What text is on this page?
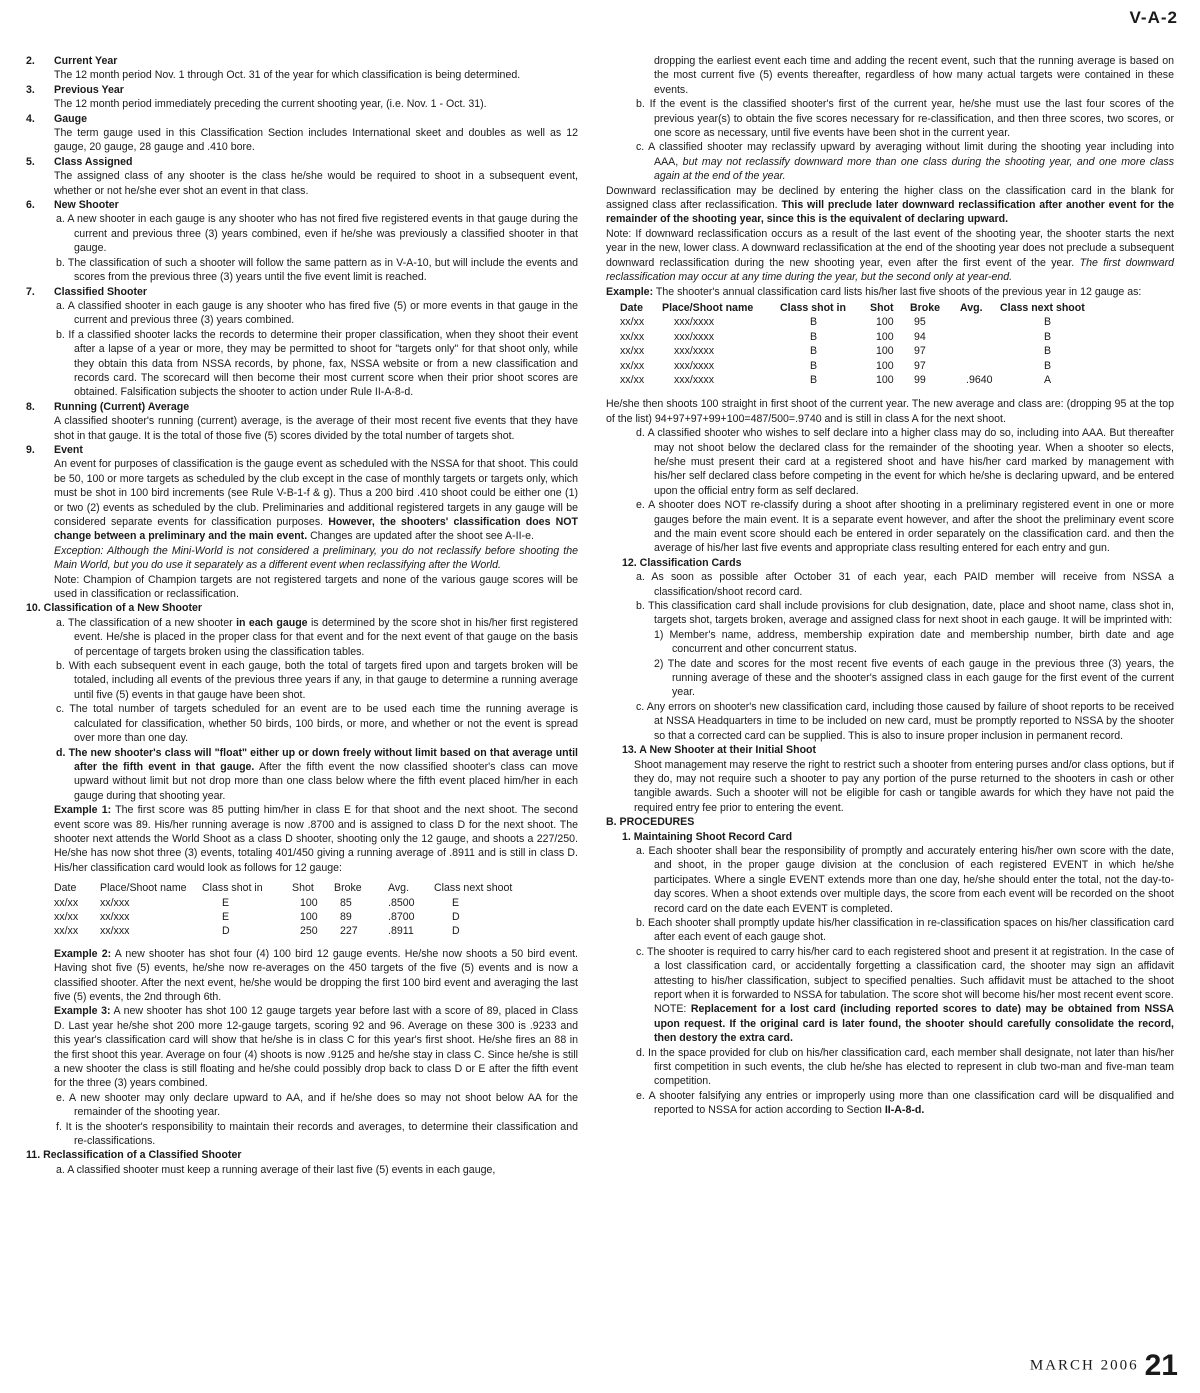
V-A-2

2. Current Year

The 12 month period Nov. 1 through Oct. 31 of the year for which classification is being determined.

3. Previous Year

The 12 month period immediately preceding the current shooting year, (i.e. Nov. 1 - Oct. 31).

4. Gauge

The term gauge used in this Classification Section includes International skeet and doubles as well as 12 gauge, 20 gauge, 28 gauge and .410 bore.

5. Class Assigned

The assigned class of any shooter is the class he/she would be required to shoot in a subsequent event, whether or not he/she ever shot an event in that class.

6. New Shooter

a. A new shooter in each gauge is any shooter who has not fired five registered events in that gauge during the current and previous three (3) years combined, even if he/she was previously a classified shooter in that gauge.

b. The classification of such a shooter will follow the same pattern as in V-A-10, but will include the events and scores from the previous three (3) years until the five event limit is reached.

7. Classified Shooter

a. A classified shooter in each gauge is any shooter who has fired five (5) or more events in that gauge in the current and previous three (3) years combined.

b. If a classified shooter lacks the records to determine their proper classification, when they shoot their event after a lapse of a year or more, they may be permitted to shoot for "targets only" for that shoot only, while they obtain this data from NSSA records, by phone, fax, NSSA website or from a new classification and records card. The scorecard will then become their most current score when their prior shoot scores are obtained. Falsification subjects the shooter to action under Rule II-A-8-d.

8. Running (Current) Average

A classified shooter's running (current) average, is the average of their most recent five events that they have shot in that gauge. It is the total of those five (5) scores divided by the total number of targets shot.

9. Event

An event for purposes of classification is the gauge event as scheduled with the NSSA for that shoot. This could be 50, 100 or more targets as scheduled by the club except in the case of monthly targets or targets only, which must be shot in 100 bird increments (see Rule V-B-1-f & g). Thus a 200 bird .410 shoot could be either one (1) or two (2) events as scheduled by the club. Preliminaries and additional registered targets in any gauge will be considered separate events for classification purposes. However, the shooters' classification does NOT change between a preliminary and the main event. Changes are updated after the shoot see A-II-e.

Exception: Although the Mini-World is not considered a preliminary, you do not reclassify before shooting the Main World, but you do use it separately as a different event when reclassifying after the World.

Note: Champion of Champion targets are not registered targets and none of the various gauge scores will be used in classification or reclassification.

10. Classification of a New Shooter

a. The classification of a new shooter in each gauge is determined by the score shot in his/her first registered event. He/she is placed in the proper class for that event and for the next event of that gauge on the basis of percentage of targets broken using the classification tables.

b. With each subsequent event in each gauge, both the total of targets fired upon and targets broken will be totaled, including all events of the previous three years if any, in that gauge to determine a running average until five (5) events in that gauge have been shot.

c. The total number of targets scheduled for an event are to be used each time the running average is calculated for classification, whether 50 birds, 100 birds, or more, and whether or not the event is spread over more than one day.

d. The new shooter's class will "float" either up or down freely without limit based on that average until after the fifth event in that gauge. After the fifth event the now classified shooter's class can move upward without limit but not drop more than one class below where the fifth event placed him/her in each gauge during that shooting year.

Example 1: The first score was 85 putting him/her in class E for that shoot and the next shoot. The second event score was 89. His/her running average is now .8700 and is assigned to class D for the next shoot. The shooter next attends the World Shoot as a class D shooter, shooting only the 12 gauge, and shoots a 227/250. He/she has now shot three (3) events, totaling 401/450 giving a running average of .8911 and is still in class D. His/her classification card would look as follows for 12 gauge:

Date	Place/Shoot name	Class shot in	Shot	Broke	Avg.	Class next shoot
xx/xx	xx/xxx	E	100	85	.8500	E
xx/xx	xx/xxx	E	100	89	.8700	D
xx/xx	xx/xxx	D	250	227	.8911	D

Example 2: A new shooter has shot four (4) 100 bird 12 gauge events. He/she now shoots a 50 bird event. Having shot five (5) events, he/she now re-averages on the 450 targets of the five (5) events and is now a classified shooter. After the next event, he/she would be dropping the first 100 bird event and averaging the last five (5) events, the 2nd through 6th.

Example 3: A new shooter has shot 100 12 gauge targets year before last with a score of 89, placed in Class D. Last year he/she shot 200 more 12-gauge targets, scoring 92 and 96. Average on these 300 is .9233 and this year's classification card will show that he/she is in class C for this year's first shoot. He/she fires an 88 in the first shoot this year. Average on four (4) shoots is now .9125 and he/she stay in class C. Since he/she is still a new shooter the class is still floating and he/she could possibly drop back to class D or E after the fifth event for the three (3) years combined.

e. A new shooter may only declare upward to AA, and if he/she does so may not shoot below AA for the remainder of the shooting year.

f. It is the shooter's responsibility to maintain their records and averages, to determine their classification and re-classifications.

11. Reclassification of a Classified Shooter

a. A classified shooter must keep a running average of their last five (5) events in each gauge,

dropping the earliest event each time and adding the recent event, such that the running average is based on the most current five (5) events thereafter, regardless of how many actual targets were contained in these events.

b. If the event is the classified shooter's first of the current year, he/she must use the last four scores of the previous year(s) to obtain the five scores necessary for re-classification, and then three scores, two scores, or one score as necessary, until five events have been shot in the current year.

c. A classified shooter may reclassify upward by averaging without limit during the shooting year including into AAA, but may not reclassify downward more than one class during the shooting year, and one more class again at the end of the year.

Downward reclassification may be declined by entering the higher class on the classification card in the blank for assigned class after reclassification. This will preclude later downward reclassification after another event for the remainder of the shooting year, since this is the equivalent of declaring upward.

Note: If downward reclassification occurs as a result of the last event of the shooting year, the shooter starts the next year in the new, lower class. A downward reclassification at the end of the shooting year does not preclude a subsequent downward reclassification during the new shooting year, even after the first event of the year. The first downward reclassification may occur at any time during the year, but the second only at year-end.

Example: The shooter's annual classification card lists his/her last five shoots of the previous year in 12 gauge as:

Date	Place/Shoot name	Class shot in	Shot	Broke	Avg.	Class next shoot
xx/xx	xxx/xxxx	B	100	95		B
xx/xx	xxx/xxxx	B	100	94		B
xx/xx	xxx/xxxx	B	100	97		B
xx/xx	xxx/xxxx	B	100	97		B
xx/xx	xxx/xxxx	B	100	99	.9640	A

He/she then shoots 100 straight in first shoot of the current year. The new average and class are: (dropping 95 at the top of the list) 94+97+97+99+100=487/500=.9740 and is still in class A for the next shoot.

d. A classified shooter who wishes to self declare into a higher class may do so, including into AAA. But thereafter may not shoot below the declared class for the remainder of the shooting year. When a shooter so elects, he/she must present their card at a registered shoot and have his/her card marked by management with his/her self declared class before competing in the event for which he/she is declaring upward, and be entered upon the official entry form as self declared.

e. A shooter does NOT re-classify during a shoot after shooting in a preliminary registered event in one or more gauges before the main event. It is a separate event however, and after the shoot the preliminary event score and the main event score should each be entered in order separately on the classification card. and then the average of his/her last five events and appropriate class resulting entered for each entry and gun.

12. Classification Cards

a. As soon as possible after October 31 of each year, each PAID member will receive from NSSA a classification/shoot record card.

b. This classification card shall include provisions for club designation, date, place and shoot name, class shot in, targets shot, targets broken, average and assigned class for next shoot in each gauge. It will be imprinted with:

1) Member's name, address, membership expiration date and membership number, birth date and age concurrent and other concurrent status.

2) The date and scores for the most recent five events of each gauge in the previous three (3) years, the running average of these and the shooter's assigned class in each gauge for the first event of the current year.

c. Any errors on shooter's new classification card, including those caused by failure of shoot reports to be received at NSSA Headquarters in time to be included on new card, must be promptly reported to NSSA by the shooter so that a corrected card can be supplied. This is also to insure proper inclusion in permanent record.

13. A New Shooter at their Initial Shoot

Shoot management may reserve the right to restrict such a shooter from entering purses and/or class options, but if they do, may not require such a shooter to pay any portion of the purse returned to the shooters in cash or other tangible awards. Such a shooter will not be eligible for cash or tangible awards for which they have not paid the required entry fee prior to entering the event.

B. PROCEDURES

1. Maintaining Shoot Record Card

a. Each shooter shall bear the responsibility of promptly and accurately entering his/her own score with the date, and shoot, in the proper gauge division at the conclusion of each registered EVENT in which he/she participates. Where a single EVENT extends more than one day, he/she should enter the total, not the day-to-day scores. When a shoot extends over multiple days, the score from each event will be recorded on the shoot record card on the date each EVENT is completed.

b. Each shooter shall promptly update his/her classification in re-classification spaces on his/her classification card after each event of each gauge shot.

c. The shooter is required to carry his/her card to each registered shoot and present it at registration. In the case of a lost classification card, or accidentally forgetting a classification card, the shooter may sign an affidavit attesting to his/her classification, subject to specified penalties. Such affidavit must be attached to the shoot report when it is forwarded to NSSA for tabulation. The score shot will become his/her most recent event score.

NOTE: Replacement for a lost card (including reported scores to date) may be obtained from NSSA upon request. If the original card is later found, the shooter should carefully consolidate the record, then destory the extra card.

d. In the space provided for club on his/her classification card, each member shall designate, not later than his/her first competition in such events, the club he/she has elected to represent in club two-man and five-man team competition.

e. A shooter falsifying any entries or improperly using more than one classification card will be disqualified and reported to NSSA for action according to Section II-A-8-d.

MARCH 2006 21
